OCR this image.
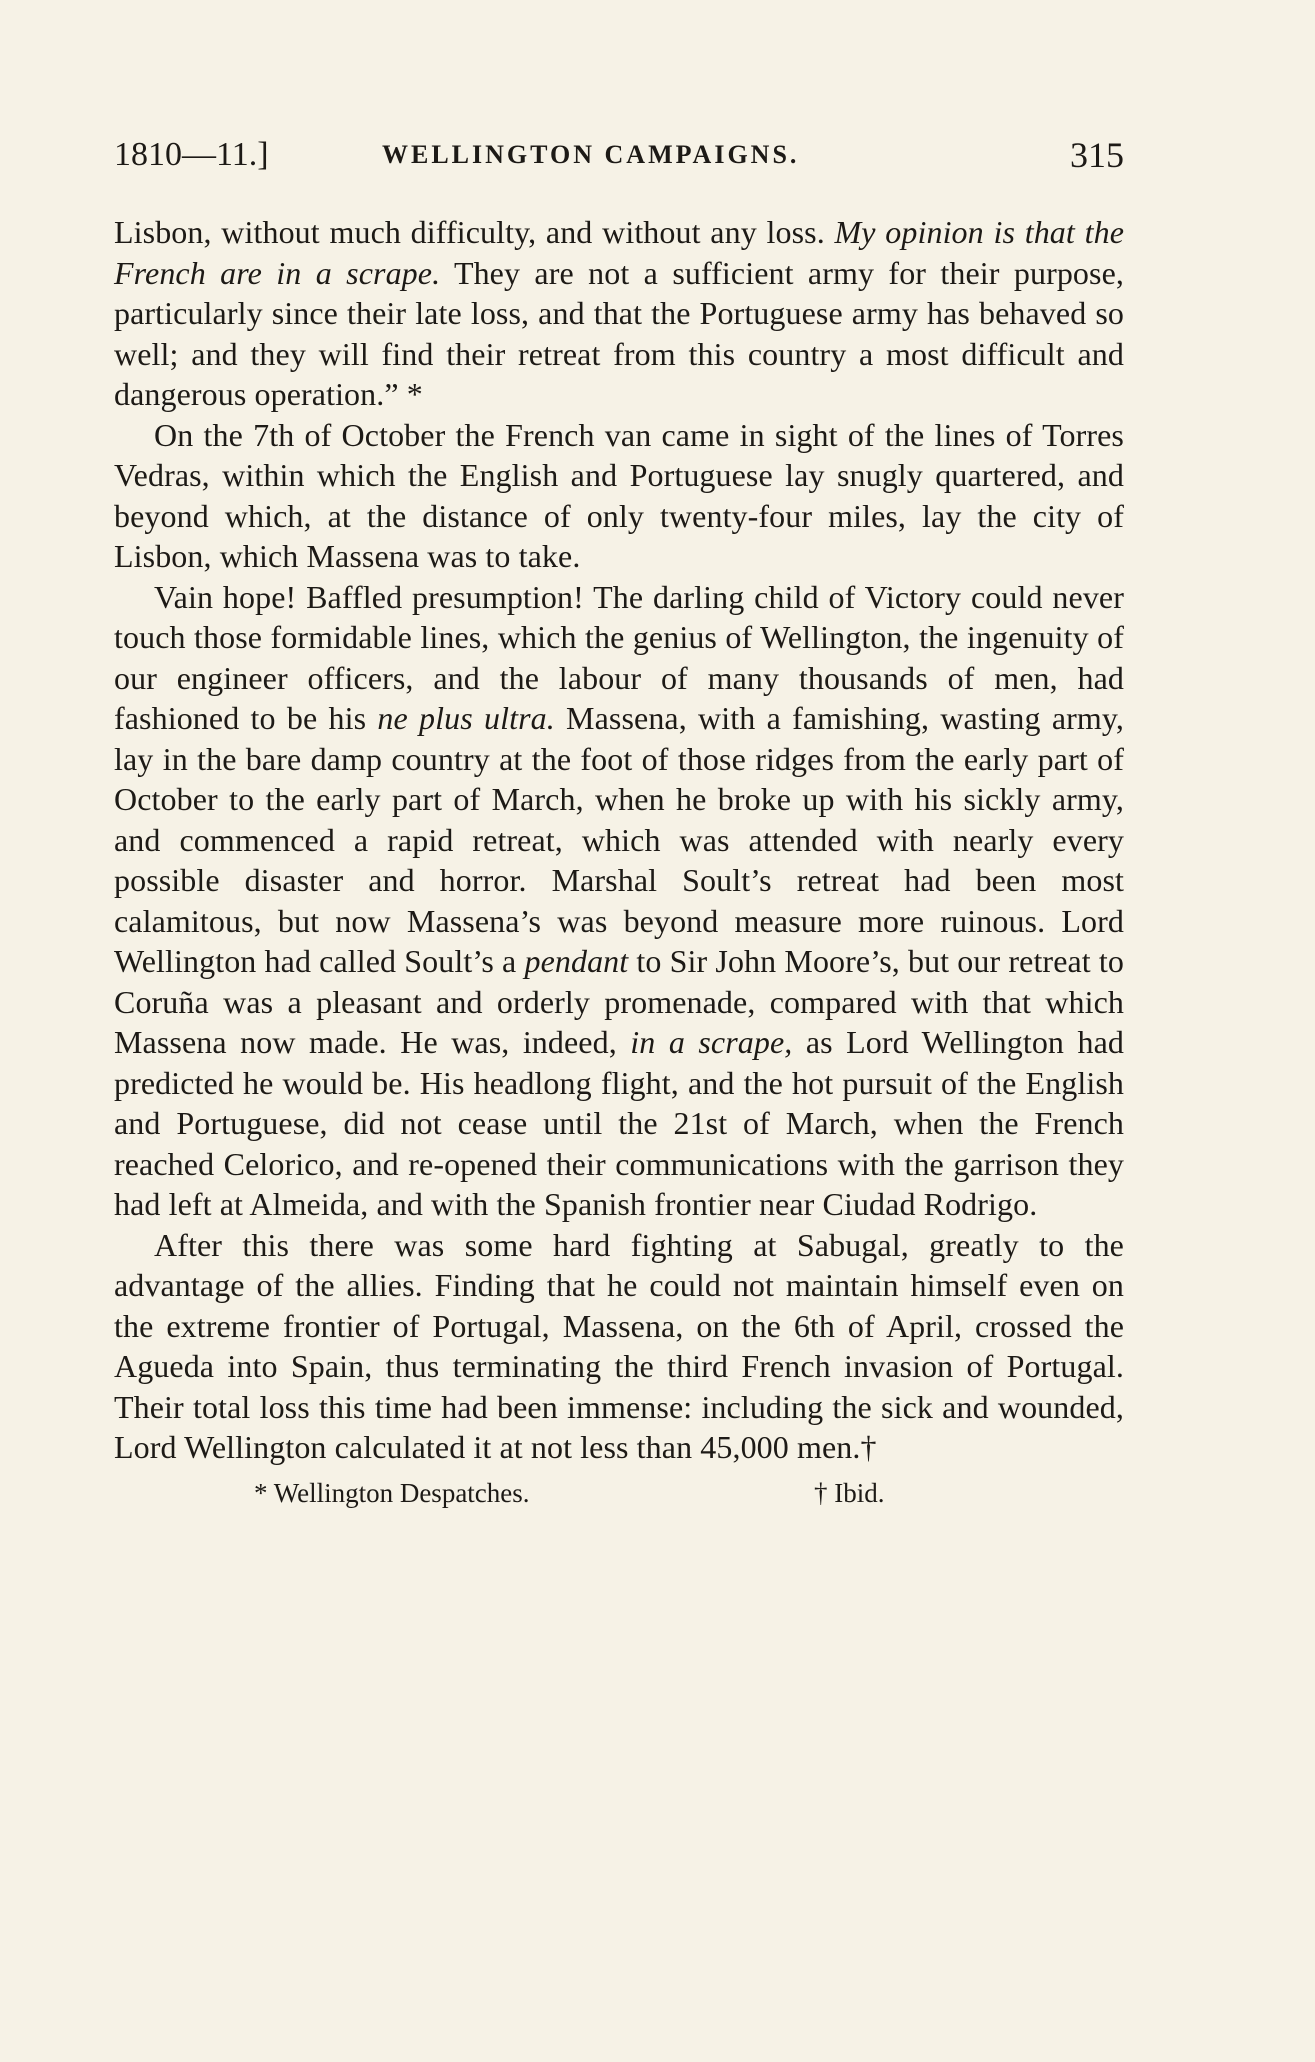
1810—11.]	WELLINGTON CAMPAIGNS.	315

Lisbon, without much difficulty, and without any loss. My opinion is that the French are in a scrape. They are not a sufficient army for their purpose, particularly since their late loss, and that the Portuguese army has behaved so well; and they will find their retreat from this country a most difficult and dangerous operation.” *

On the 7th of October the French van came in sight of the lines of Torres Vedras, within which the English and Portuguese lay snugly quartered, and beyond which, at the distance of only twenty-four miles, lay the city of Lisbon, which Massena was to take.

Vain hope! Baffled presumption! The darling child of Victory could never touch those formidable lines, which the genius of Wellington, the ingenuity of our engineer officers, and the labour of many thousands of men, had fashioned to be his ne plus ultra. Massena, with a famishing, wasting army, lay in the bare damp country at the foot of those ridges from the early part of October to the early part of March, when he broke up with his sickly army, and commenced a rapid retreat, which was attended with nearly every possible disaster and horror. Marshal Soult’s retreat had been most calamitous, but now Massena’s was beyond measure more ruinous. Lord Wellington had called Soult’s a pendant to Sir John Moore’s, but our retreat to Coruña was a pleasant and orderly promenade, compared with that which Massena now made. He was, indeed, in a scrape, as Lord Wellington had predicted he would be. His headlong flight, and the hot pursuit of the English and Portuguese, did not cease until the 21st of March, when the French reached Celorico, and re-opened their communications with the garrison they had left at Almeida, and with the Spanish frontier near Ciudad Rodrigo.

After this there was some hard fighting at Sabugal, greatly to the advantage of the allies. Finding that he could not maintain himself even on the extreme frontier of Portugal, Massena, on the 6th of April, crossed the Agueda into Spain, thus terminating the third French invasion of Portugal. Their total loss this time had been immense: including the sick and wounded, Lord Wellington calculated it at not less than 45,000 men.†

* Wellington Despatches.	† Ibid.
